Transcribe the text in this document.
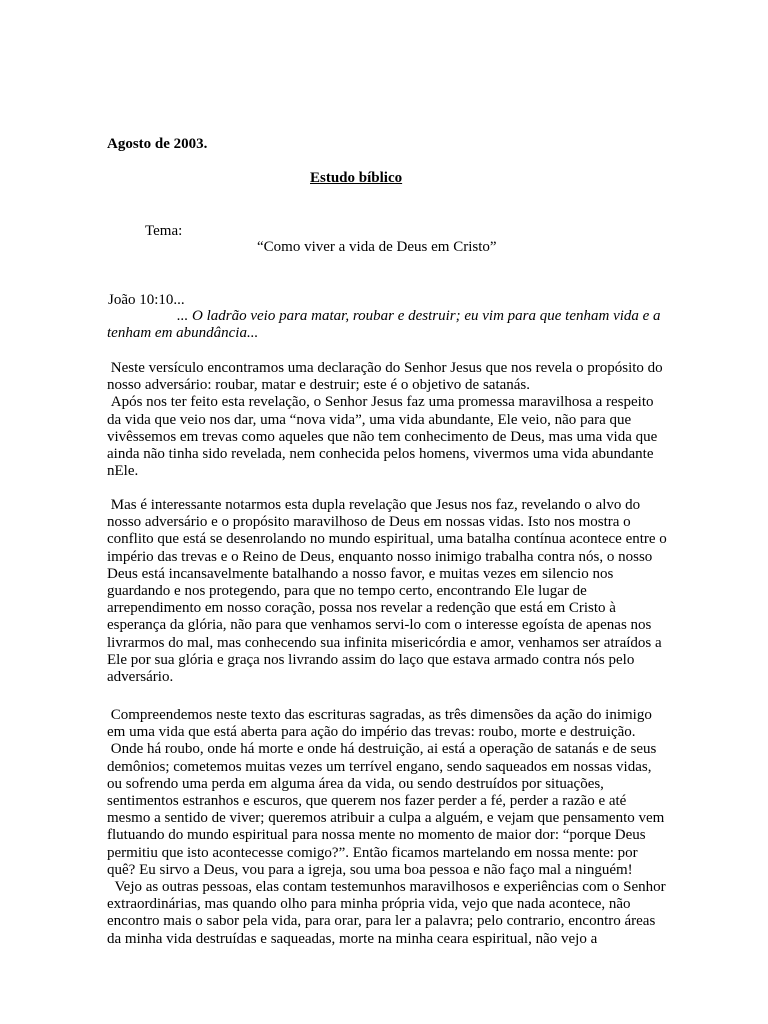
Agosto de 2003.
Estudo bíblico
Tema:
“Como viver a vida de Deus em Cristo”
João 10:10...
... O ladrão veio para matar, roubar e destruir; eu vim para que tenham vida e a tenham em abundância...

Neste versículo encontramos uma declaração do Senhor Jesus que nos revela o propósito do nosso adversário: roubar, matar e destruir; este é o objetivo de satanás.
Após nos ter feito esta revelação, o Senhor Jesus faz uma promessa maravilhosa a respeito da vida que veio nos dar, uma “nova vida”, uma vida abundante, Ele veio, não para que vivêssemos em trevas como aqueles que não tem conhecimento de Deus, mas uma vida que ainda não tinha sido revelada, nem conhecida pelos homens, vivermos uma vida abundante nEle.

Mas é interessante notarmos esta dupla revelação que Jesus nos faz, revelando o alvo do nosso adversário e o propósito maravilhoso de Deus em nossas vidas. Isto nos mostra o conflito que está se desenrolando no mundo espiritual, uma batalha contínua acontece entre o império das trevas e o Reino de Deus, enquanto nosso inimigo trabalha contra nós, o nosso Deus está incansavelmente batalhando a nosso favor, e muitas vezes em silencio nos guardando e nos protegendo, para que no tempo certo, encontrando Ele lugar de arrependimento em nosso coração, possa nos revelar a redenção que está em Cristo à esperança da glória, não para que venhamos servi-lo com o interesse egoísta de apenas nos livrarmos do mal, mas conhecendo sua infinita misericórdia e amor, venhamos ser atraídos a Ele por sua glória e graça nos livrando assim do laço que estava armado contra nós pelo adversário.

Compreendemos neste texto das escrituras sagradas, as três dimensões da ação do inimigo em uma vida que está aberta para ação do império das trevas: roubo, morte e destruição.
Onde há roubo, onde há morte e onde há destruição, ai está a operação de satanás e de seus demônios; cometemos muitas vezes um terrível engano, sendo saqueados em nossas vidas, ou sofrendo uma perda em alguma área da vida, ou sendo destruídos por situações, sentimentos estranhos e escuros, que querem nos fazer perder a fé, perder a razão e até mesmo a sentido de viver; queremos atribuir a culpa a alguém, e vejam que pensamento vem flutuando do mundo espiritual para nossa mente no momento de maior dor: “porque Deus permitiu que isto acontecesse comigo?”. Então ficamos martelando em nossa mente: por quê? Eu sirvo a Deus, vou para a igreja, sou uma boa pessoa e não faço mal a ninguém!
Vejo as outras pessoas, elas contam testemunhos maravilhosos e experiências com o Senhor extraordinárias, mas quando olho para minha própria vida, vejo que nada acontece, não encontro mais o sabor pela vida, para orar, para ler a palavra; pelo contrario, encontro áreas da minha vida destruídas e saqueadas, morte na minha ceara espiritual, não vejo a
